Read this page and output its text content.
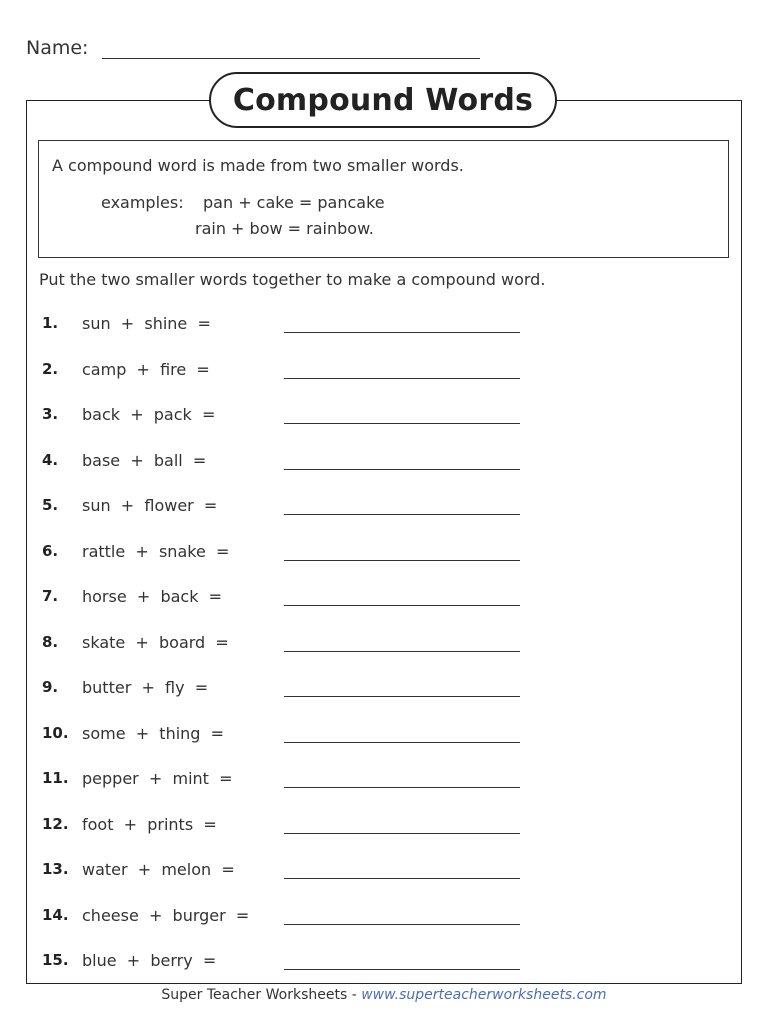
Name:
Compound Words
A compound word is made from two smaller words.
examples: pan + cake = pancake
rain + bow = rainbow.
Put the two smaller words together to make a compound word.
1. sun  +  shine  =
2. camp  +  fire  =
3. back  +  pack  =
4. base  +  ball  =
5. sun  +  flower  =
6. rattle  +  snake  =
7. horse  +  back  =
8. skate  +  board  =
9. butter  +  fly  =
10. some  +  thing  =
11. pepper  +  mint  =
12. foot  +  prints  =
13. water  +  melon  =
14. cheese  +  burger  =
15. blue  +  berry  =
Super Teacher Worksheets - www.superteacherworksheets.com
